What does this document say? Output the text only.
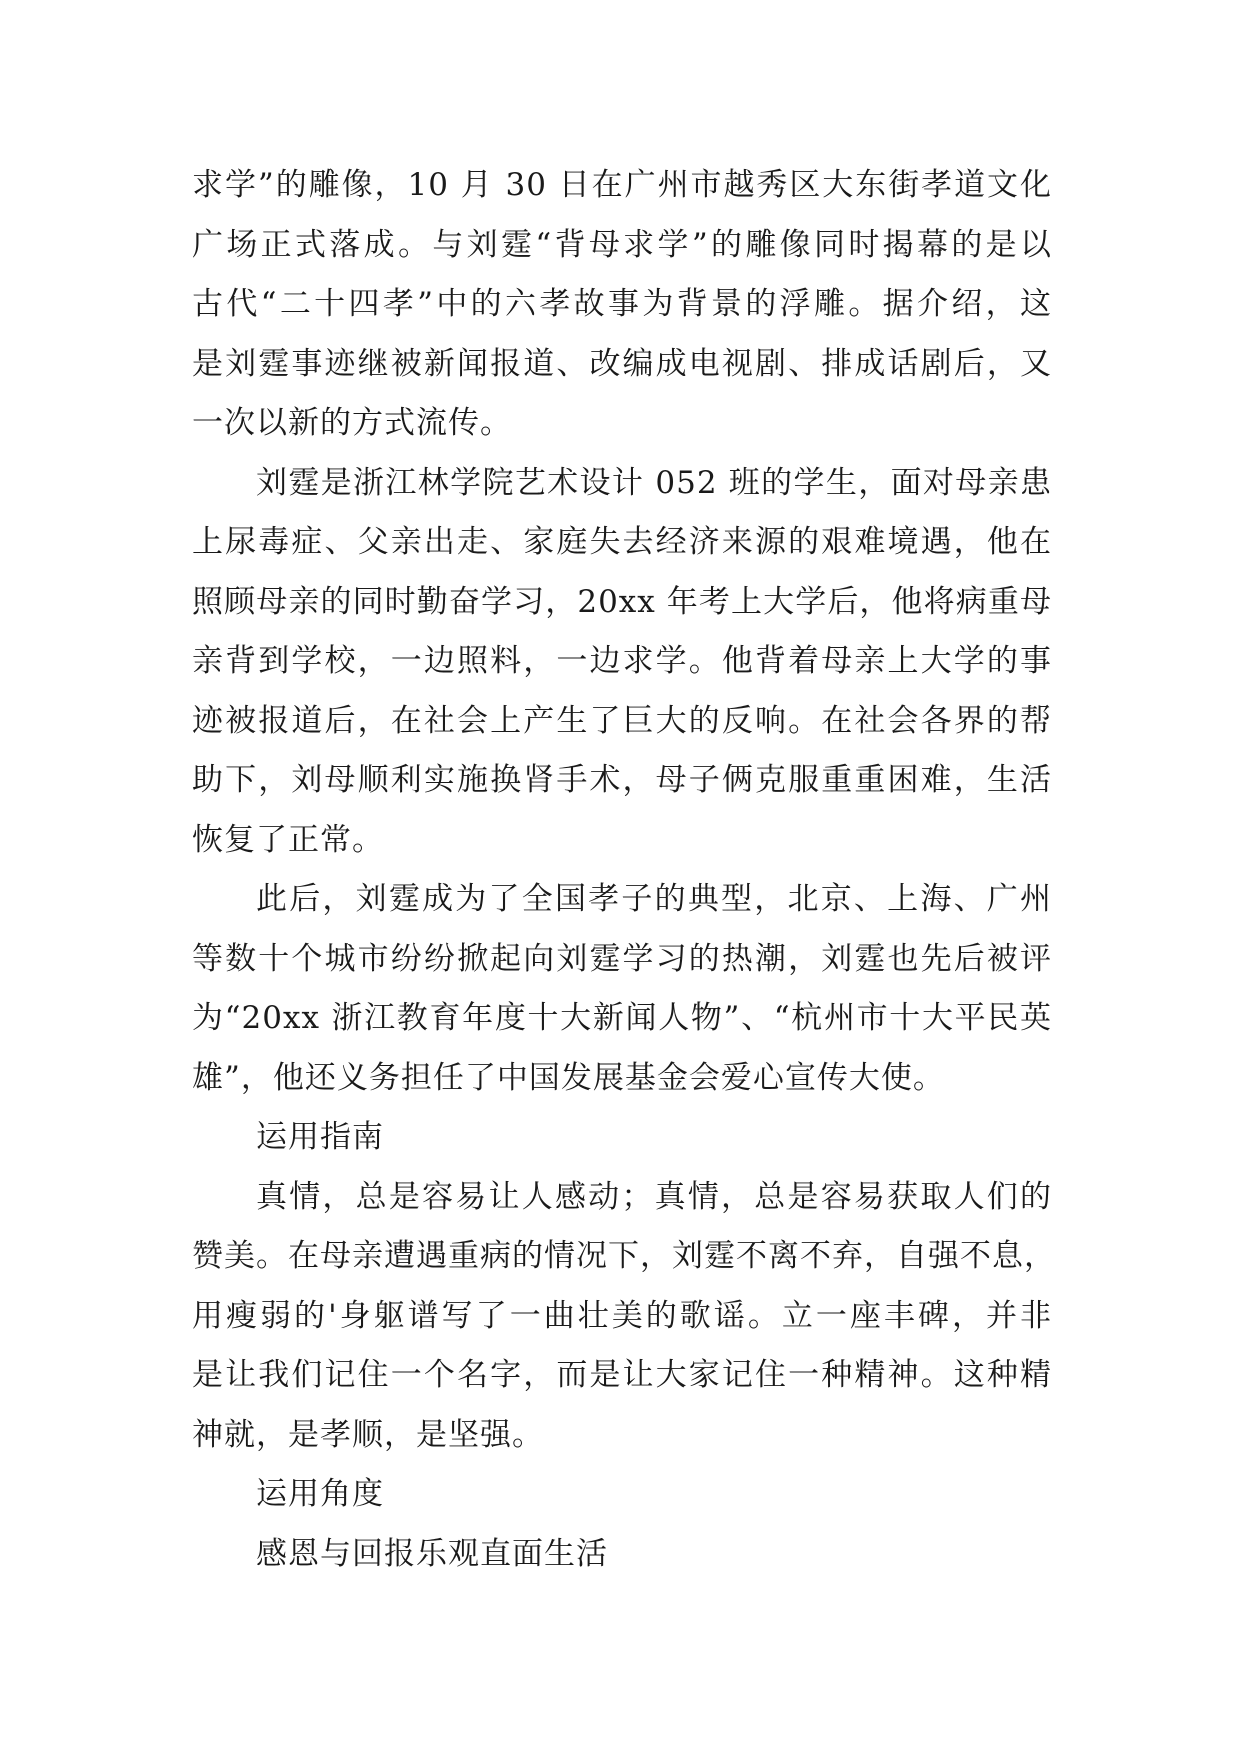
求学”的雕像，10 月 30 日在广州市越秀区大东街孝道文化
广场正式落成。与刘霆“背母求学”的雕像同时揭幕的是以
古代“二十四孝”中的六孝故事为背景的浮雕。据介绍，这
是刘霆事迹继被新闻报道、改编成电视剧、排成话剧后，又
一次以新的方式流传。
刘霆是浙江林学院艺术设计 052 班的学生，面对母亲患
上尿毒症、父亲出走、家庭失去经济来源的艰难境遇，他在
照顾母亲的同时勤奋学习，20xx 年考上大学后，他将病重母
亲背到学校，一边照料，一边求学。他背着母亲上大学的事
迹被报道后，在社会上产生了巨大的反响。在社会各界的帮
助下，刘母顺利实施换肾手术，母子俩克服重重困难，生活
恢复了正常。
此后，刘霆成为了全国孝子的典型，北京、上海、广州
等数十个城市纷纷掀起向刘霆学习的热潮，刘霆也先后被评
为“20xx 浙江教育年度十大新闻人物”、“杭州市十大平民英
雄”，他还义务担任了中国发展基金会爱心宣传大使。
运用指南
真情，总是容易让人感动；真情，总是容易获取人们的
赞美。在母亲遭遇重病的情况下，刘霆不离不弃，自强不息，
用瘦弱的'身躯谱写了一曲壮美的歌谣。立一座丰碑，并非
是让我们记住一个名字，而是让大家记住一种精神。这种精
神就，是孝顺，是坚强。
运用角度
感恩与回报乐观直面生活
